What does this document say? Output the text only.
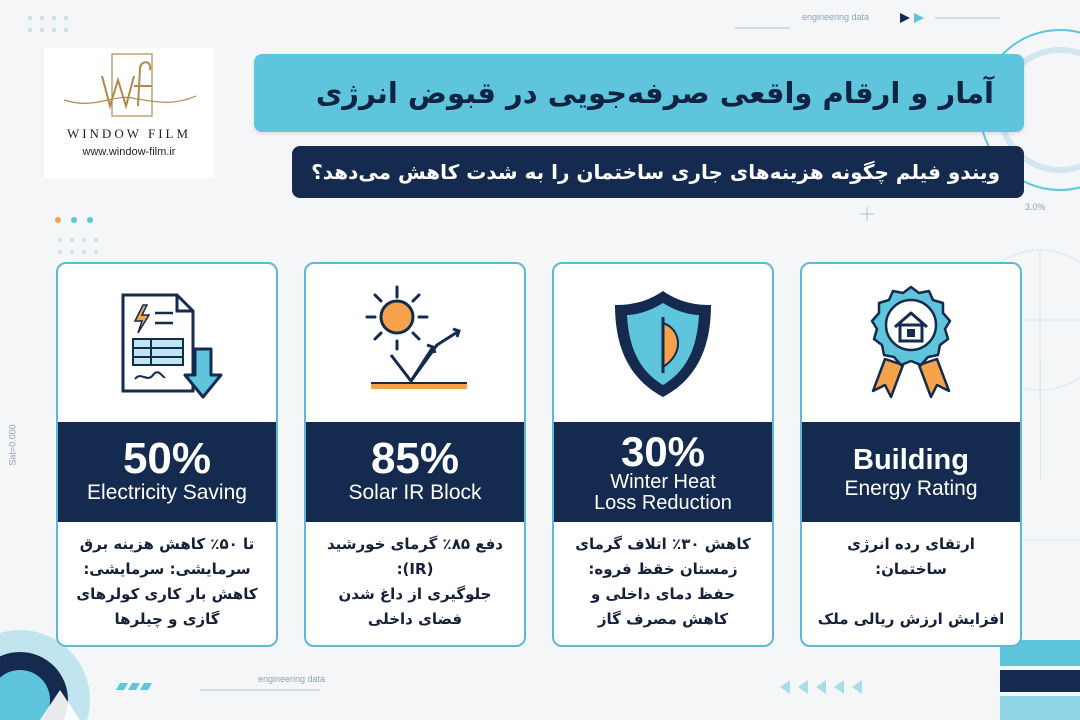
engineering data
3.0%
engineering data
Sat=0.000
WINDOW FILM
www.window-film.ir
آمار و ارقام واقعی صرفه‌جویی در قبوض انرژی
ویندو فیلم چگونه هزینه‌های جاری ساختمان را به شدت کاهش می‌دهد؟
50%
Electricity Saving
تا ۵۰٪ کاهش هزینه برق
سرمایشی: سرمایشی:
کاهش بار کاری کولرهای
گازی و چیلرها
85%
Solar IR Block
دفع ۸۵٪ گرمای خورشید
(IR):
جلوگیری از داغ شدن
فضای داخلی
30%
Winter Heat
Loss Reduction
کاهش ۳۰٪ اتلاف گرمای
زمستان خقظ فروه:
حفظ دمای داخلی و
کاهش مصرف گاز
Building
Energy Rating
ارتقای رده انرژی ساختمان:

افزایش ارزش ریالی ملک
